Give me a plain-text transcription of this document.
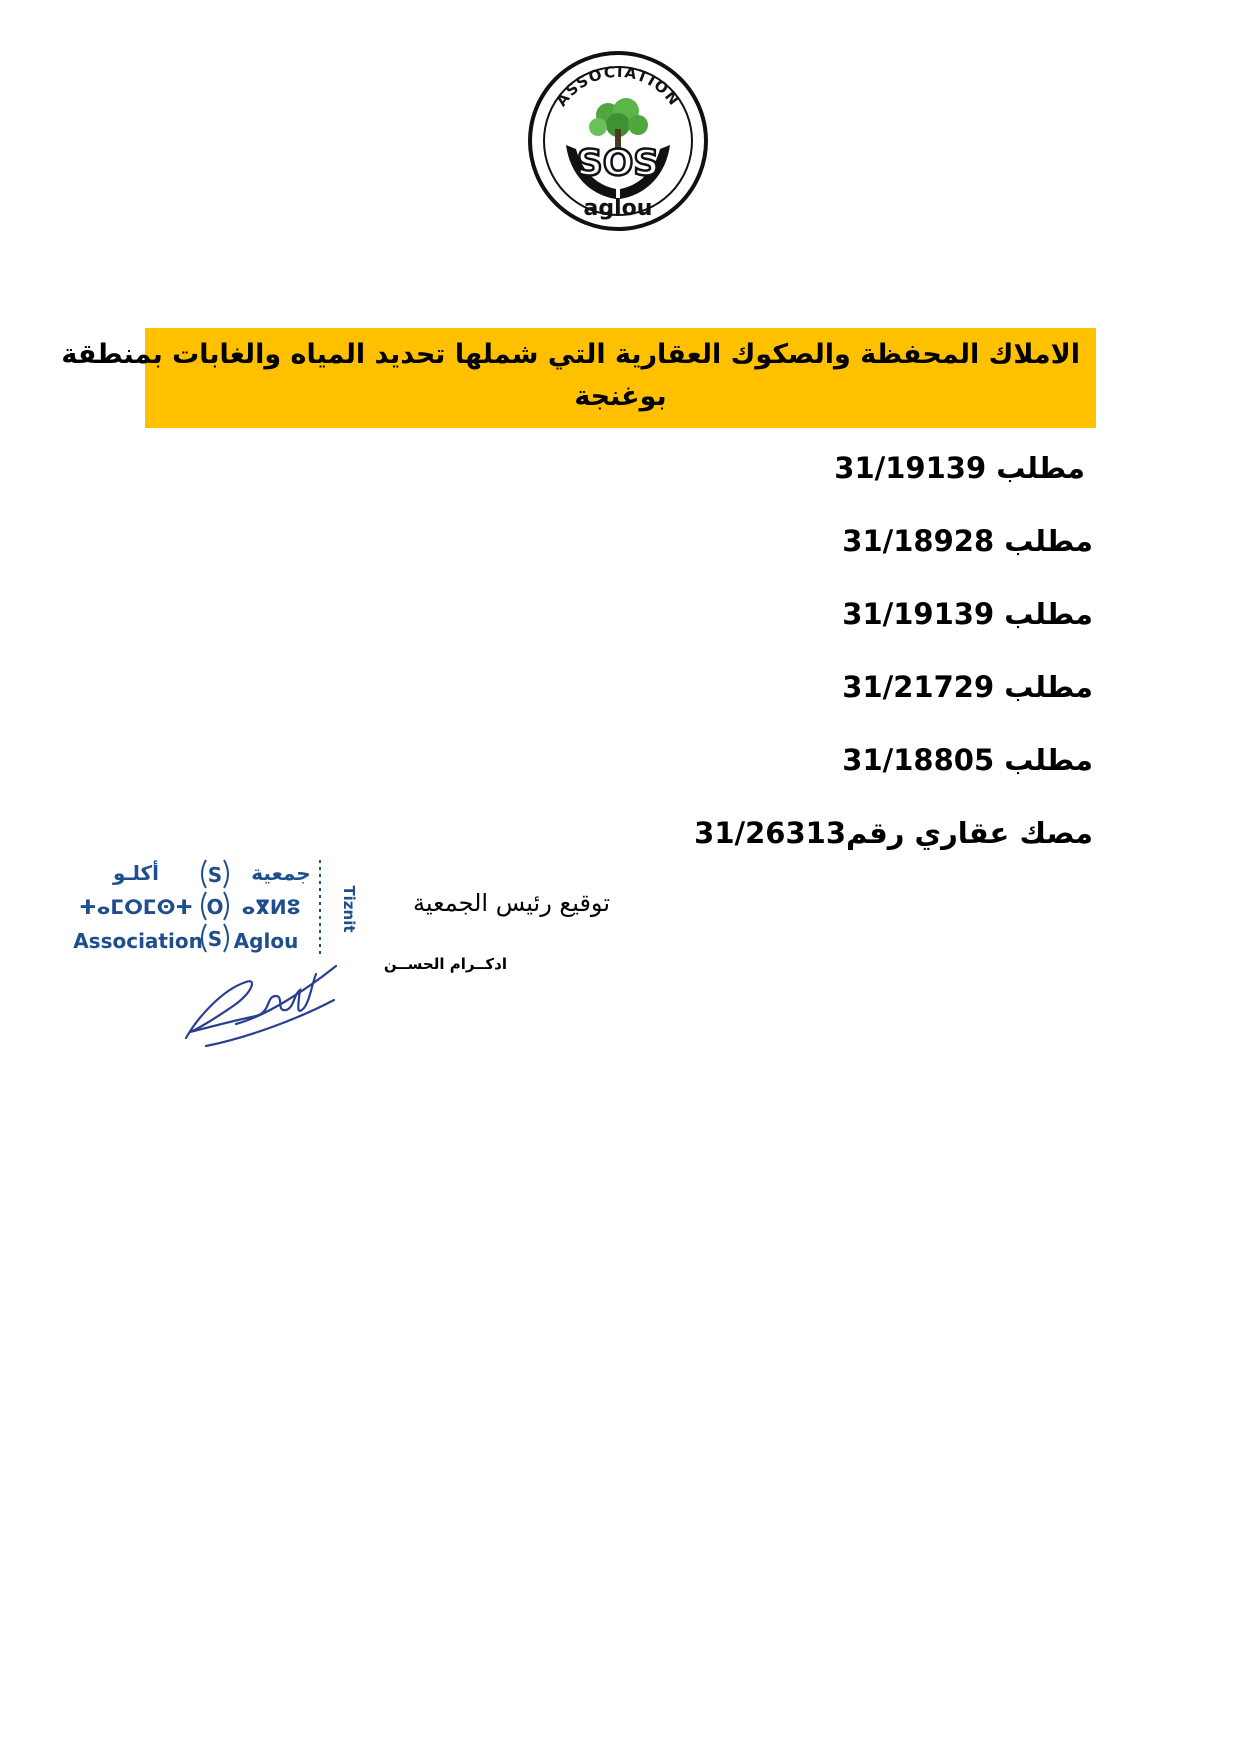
ASSOCIATION
SOS
aglou

الاملاك المحفظة والصكوك العقارية التي شملها تحديد المياه والغابات بمنطقة
بوغنجة

مطلب 31/19139
مطلب 31/18928
مطلب 31/19139
مطلب 31/21729
مطلب 31/18805
مصك عقاري رقم31/26313
S
O
S
جمعية
أكلـو
ⵜⴰⵎⵔⵎⵙⵜ ⴰⴳⵍⵓ
Association Aglou
Tiznit	توقيع رئيس الجمعية
ادكــرام الحســن
